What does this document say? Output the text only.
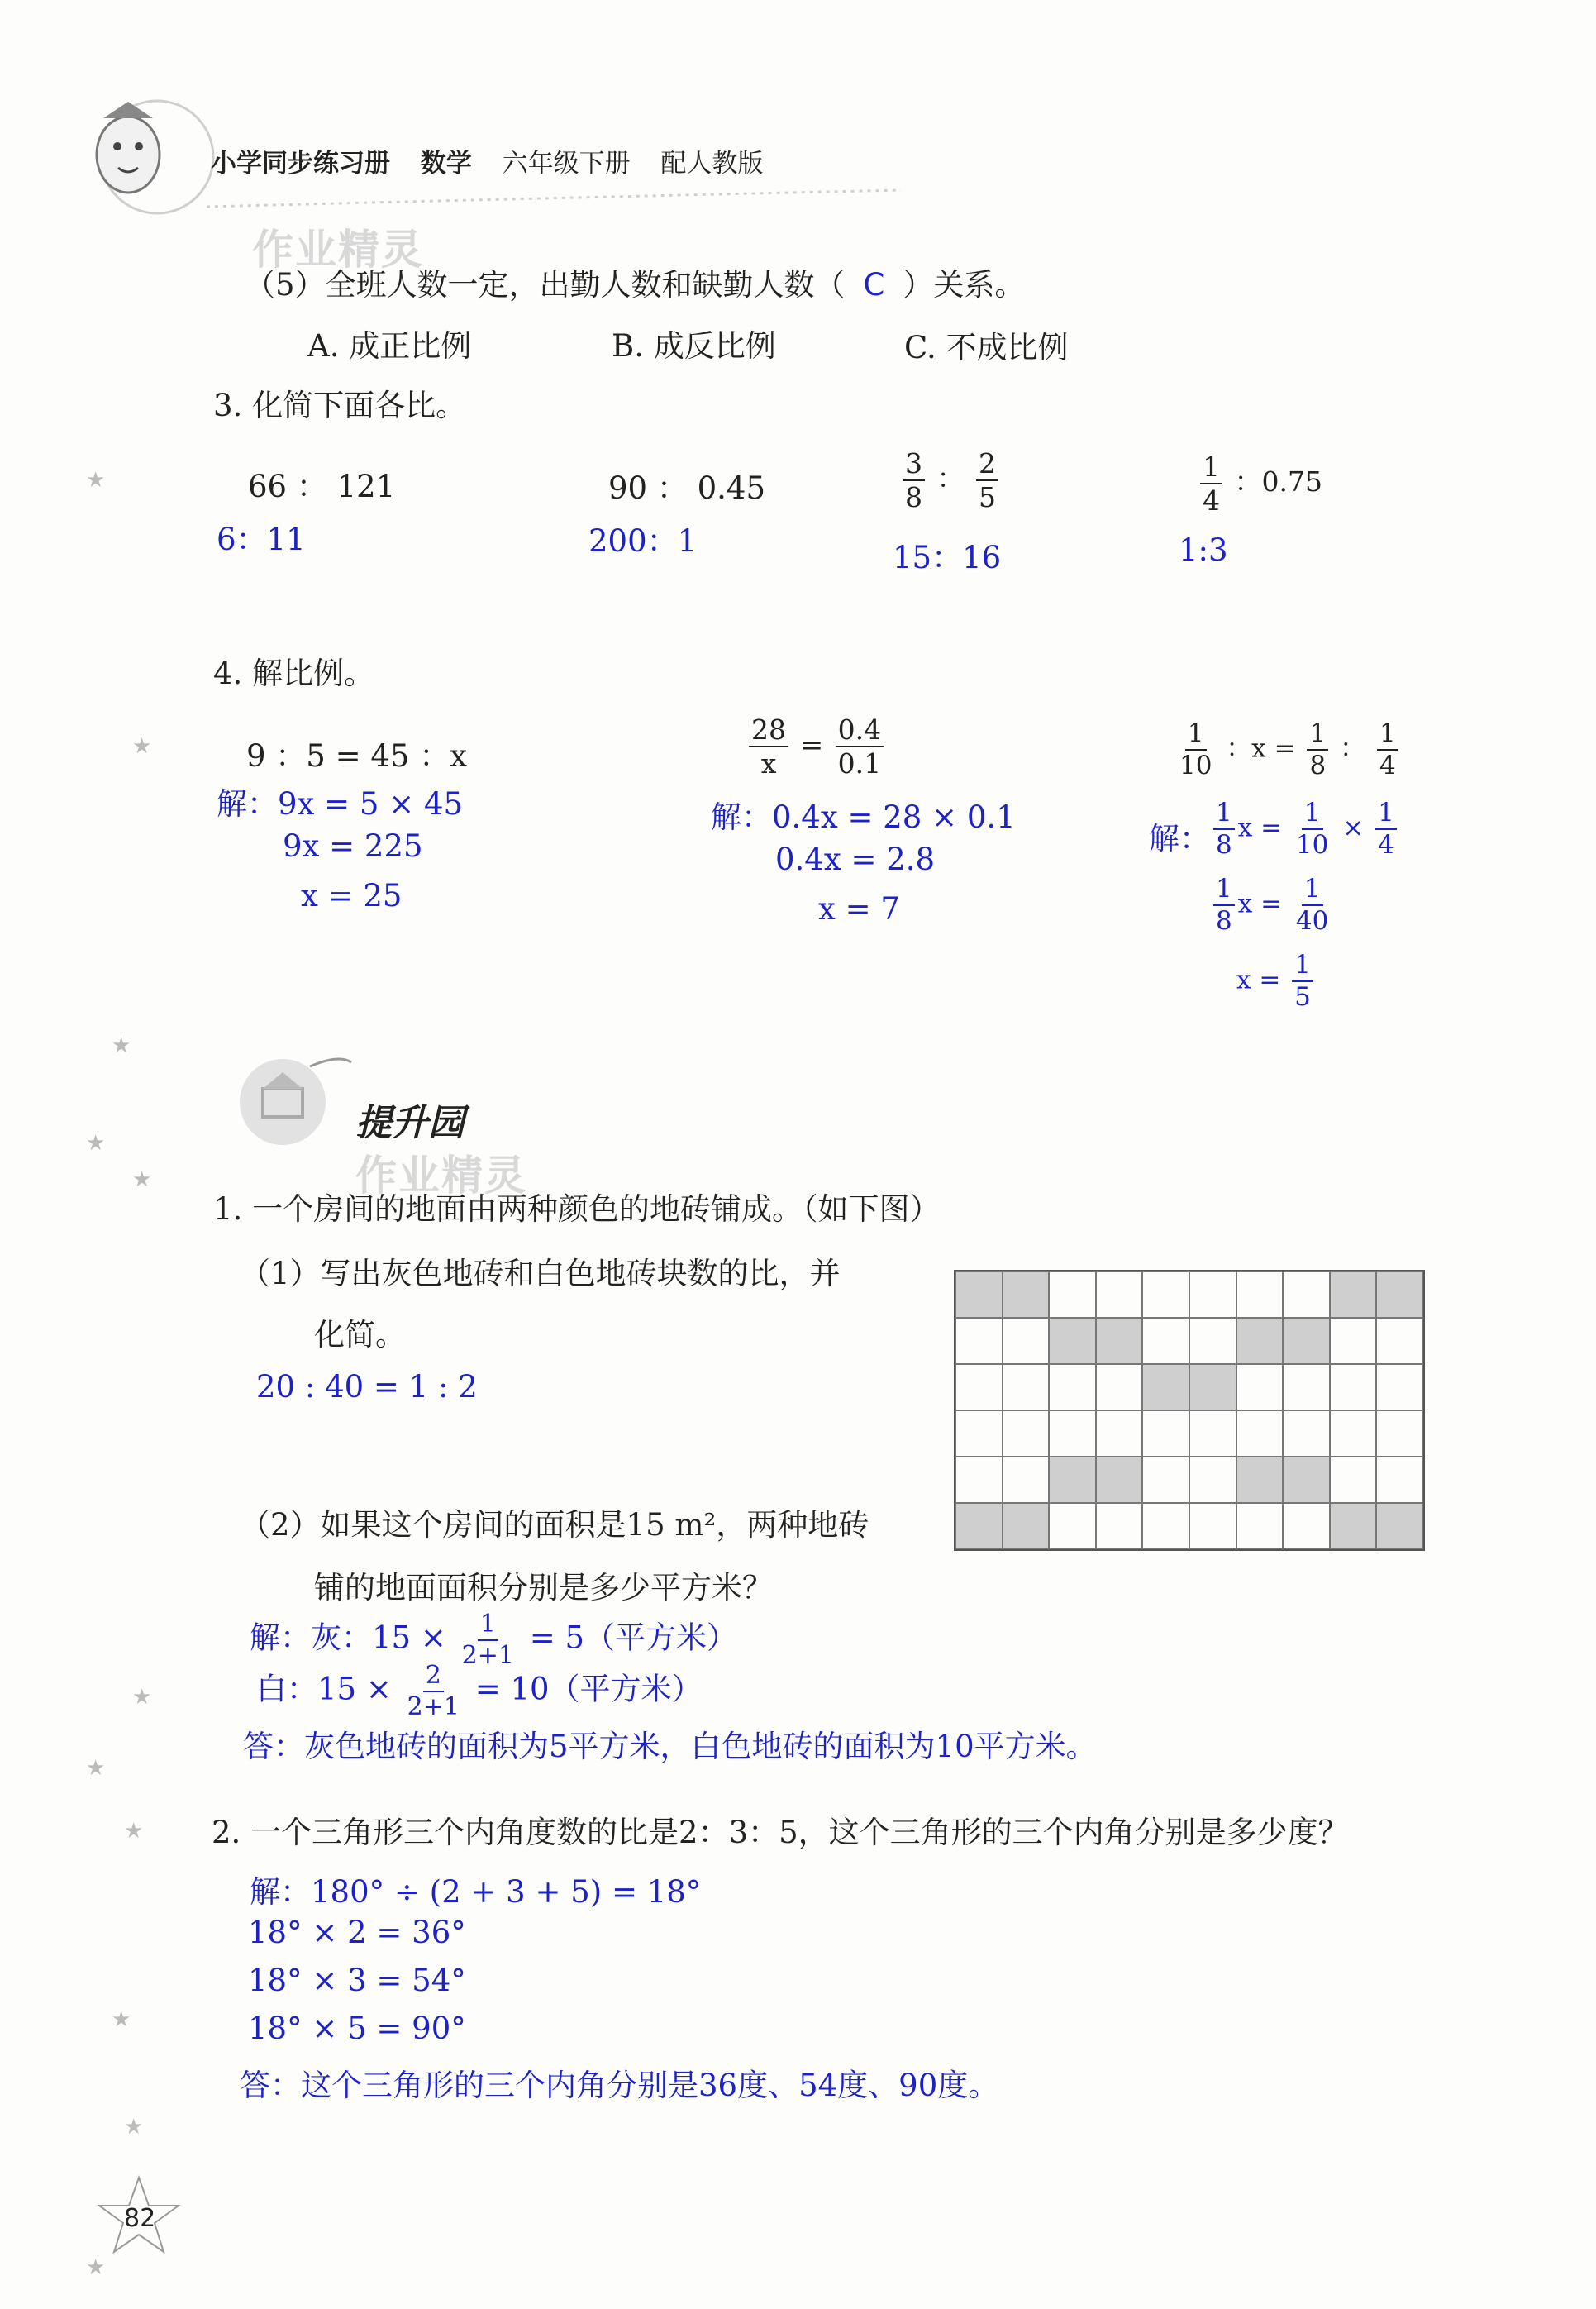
小学同步练习册 数学 六年级下册 配人教版
作业精灵
作业精灵
★
★
★
★
★
★
★
★
★
★
★
（5）全班人数一定，出勤人数和缺勤人数（ C ）关系。
A. 成正比例	B. 成反比例	C. 不成比例
3. 化简下面各比。
66 ： 121
6：11
90 ： 0.45
200：1
$\frac{3}{8}$ ： $\frac{2}{5}$
15：16
$\frac{1}{4}$ ：0.75
1:3
4. 解比例。
9 ：5 = 45 ：x
解：9x = 5 × 45
9x = 225
x = 25
$\frac{28}{x} = \frac{0.4}{0.1}$
解：0.4x = 28 × 0.1
0.4x = 2.8
x = 7
$\frac{1}{10}$ ：$x = \frac{1}{8}$ ： $\frac{1}{4}$
解： $\frac{1}{8}$ $x = \frac{1}{10} \times \frac{1}{4}$
$\frac{1}{8}$ $x = \frac{1}{40}$
$x = \frac{1}{5}$
提升园
1. 一个房间的地面由两种颜色的地砖铺成。（如下图）
（1）写出灰色地砖和白色地砖块数的比，并
化简。
20 : 40 = 1 : 2
（2）如果这个房间的面积是15 m²，两种地砖
铺的地面面积分别是多少平方米？
解：灰：$15 \times \frac{1}{2+1} = 5$（平方米）
白：$15 \times \frac{2}{2+1} = 10$（平方米）
答：灰色地砖的面积为5平方米，白色地砖的面积为10平方米。
2. 一个三角形三个内角度数的比是2：3：5，这个三角形的三个内角分别是多少度？
解：180° ÷ (2 + 3 + 5) = 18°
18° × 2 = 36°
18° × 3 = 54°
18° × 5 = 90°
答：这个三角形的三个内角分别是36度、54度、90度。
82
